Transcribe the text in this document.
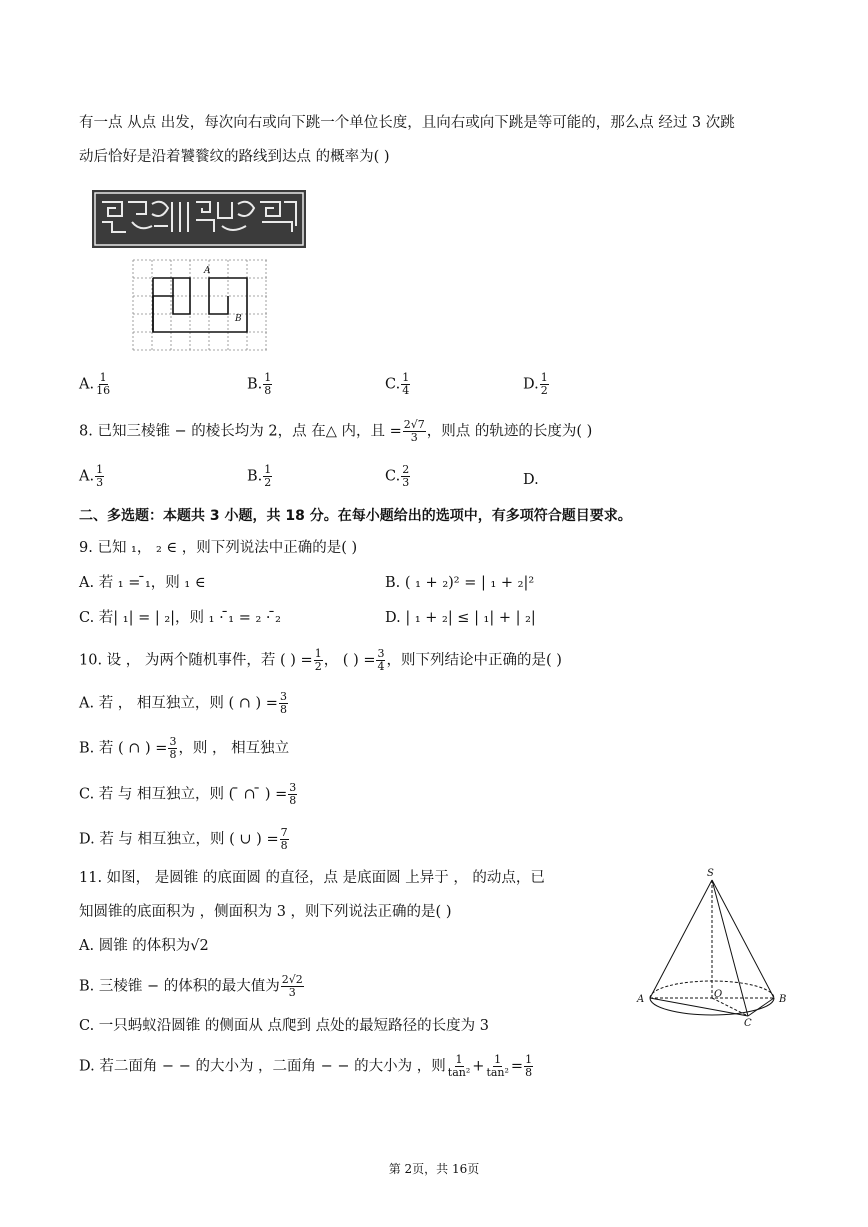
有一点 从点 出发，每次向右或向下跳一个单位长度，且向右或向下跳是等可能的，那么点 经过 3 次跳
动后恰好是沿着饕餮纹的路线到达点 的概率为( )
A
B
A. $\frac{1}{16}$	B. $\frac{1}{8}$	C. $\frac{1}{4}$	D. $\frac{1}{2}$
8. 已知三棱锥 − 的棱长均为 2，点 在△ 内，且 = $\frac{2√7}{3}$ ，则点 的轨迹的长度为( )
A. $\frac{1}{3}$	B. $\frac{1}{2}$	C. $\frac{2}{3}$	D.
二、多选题：本题共 3 小题，共 18 分。在每小题给出的选项中，有多项符合题目要求。
9. 已知 ₁， ₂ ∈ ，则下列说法中正确的是( )
A. 若 ₁ = ̄₁，则 ₁ ∈	B. ( ₁ + ₂)² = | ₁ + ₂|²
C. 若| ₁| = | ₂|，则 ₁ · ̄₁ = ₂ · ̄₂	D. | ₁ + ₂| ≤ | ₁| + | ₂|
10. 设 ， 为两个随机事件，若 ( ) = $\frac{1}{2}$ ， ( ) = $\frac{3}{4}$ ，则下列结论中正确的是( )
A. 若 ， 相互独立，则 ( ∩ ) = $\frac{3}{8}$
B. 若 ( ∩ ) = $\frac{3}{8}$ ，则 ， 相互独立
C. 若 与 相互独立，则 ( ̄ ∩ ̄ ) = $\frac{3}{8}$
D. 若 与 相互独立，则 ( ∪ ) = $\frac{7}{8}$
11. 如图， 是圆锥 的底面圆 的直径，点 是底面圆 上异于 ， 的动点，已
知圆锥的底面积为 ，侧面积为 3 ，则下列说法正确的是( )
A. 圆锥 的体积为√2
B. 三棱锥 − 的体积的最大值为 $\frac{2√2}{3}$
C. 一只蚂蚁沿圆锥 的侧面从 点爬到 点处的最短路径的长度为 3
D. 若二面角 − − 的大小为 ，二面角 − − 的大小为 ，则 $\frac{1}{\text{tan²}} + \frac{1}{\text{tan²}} = \frac{1}{8}$
S
A	B
O
C
第 2页，共 16页
